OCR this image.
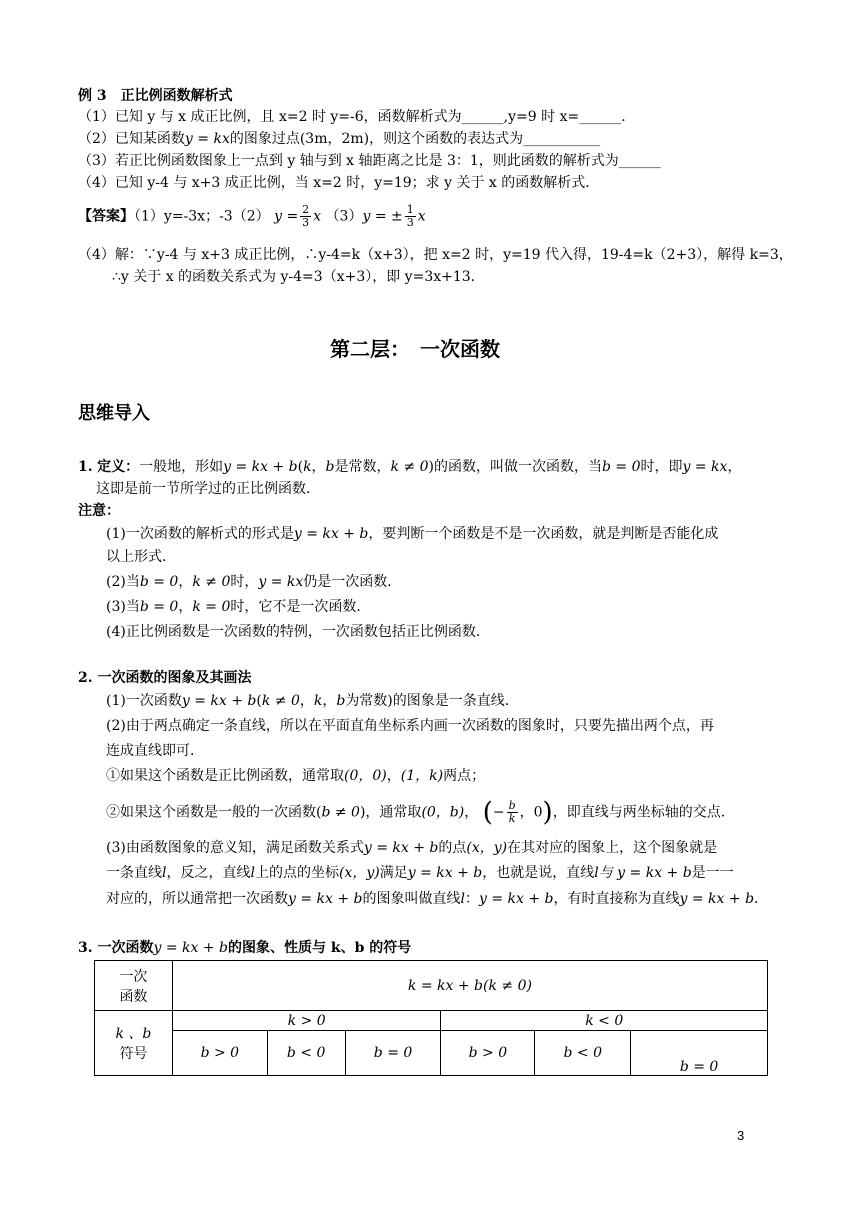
例 3　正比例函数解析式
（1）已知 y 与 x 成正比例，且 x=2 时 y=-6，函数解析式为______,y=9 时 x=______.
（2）已知某函数y = kx的图象过点(3m，2m)，则这个函数的表达式为___________
（3）若正比例函数图象上一点到 y 轴与到 x 轴距离之比是 3：1，则此函数的解析式为______
（4）已知 y-4 与 x+3 成正比例，当 x=2 时，y=19；求 y 关于 x 的函数解析式．
【答案】（1）y=-3x；-3（2） $y = \frac{2}{3}$ x （3）y = ± $\frac{1}{3}$ x
（4）解：∵y-4 与 x+3 成正比例，∴y-4=k（x+3），把 x=2 时，y=19 代入得，19-4=k（2+3），解得 k=3，
∴y 关于 x 的函数关系式为 y-4=3（x+3），即 y=3x+13．
第二层：　一次函数
思维导入
1. 定义：一般地，形如y = kx + b(k，b是常数，k ≠ 0)的函数，叫做一次函数，当b = 0时，即y = kx，
这即是前一节所学过的正比例函数．
注意：
(1)一次函数的解析式的形式是y = kx + b，要判断一个函数是不是一次函数，就是判断是否能化成
以上形式．
(2)当b = 0，k ≠ 0时，y = kx仍是一次函数．
(3)当b = 0，k = 0时，它不是一次函数．
(4)正比例函数是一次函数的特例，一次函数包括正比例函数．
2. 一次函数的图象及其画法
(1)一次函数y = kx + b(k ≠ 0，k，b为常数)的图象是一条直线．
(2)由于两点确定一条直线，所以在平面直角坐标系内画一次函数的图象时，只要先描出两个点，再
连成直线即可．
①如果这个函数是正比例函数，通常取(0，0)，(1，k)两点；
②如果这个函数是一般的一次函数(b ≠ 0)，通常取(0，b)， (− $\frac{b}{k}$ ，0)，即直线与两坐标轴的交点．
(3)由函数图象的意义知，满足函数关系式y = kx + b的点(x，y)在其对应的图象上，这个图象就是
一条直线l，反之，直线l上的点的坐标(x，y)满足y = kx + b，也就是说，直线l与 y = kx + b是一一
对应的，所以通常把一次函数y = kx + b的图象叫做直线l：y = kx + b，有时直接称为直线y = kx + b．
3. 一次函数y = kx + b的图象、性质与 k、b 的符号
一次
函数	k = kx + b(k ≠ 0)					

k 、b
符号	k > 0			k < 0		
	b > 0	b < 0	b = 0	b > 0	b < 0	b = 0
3
